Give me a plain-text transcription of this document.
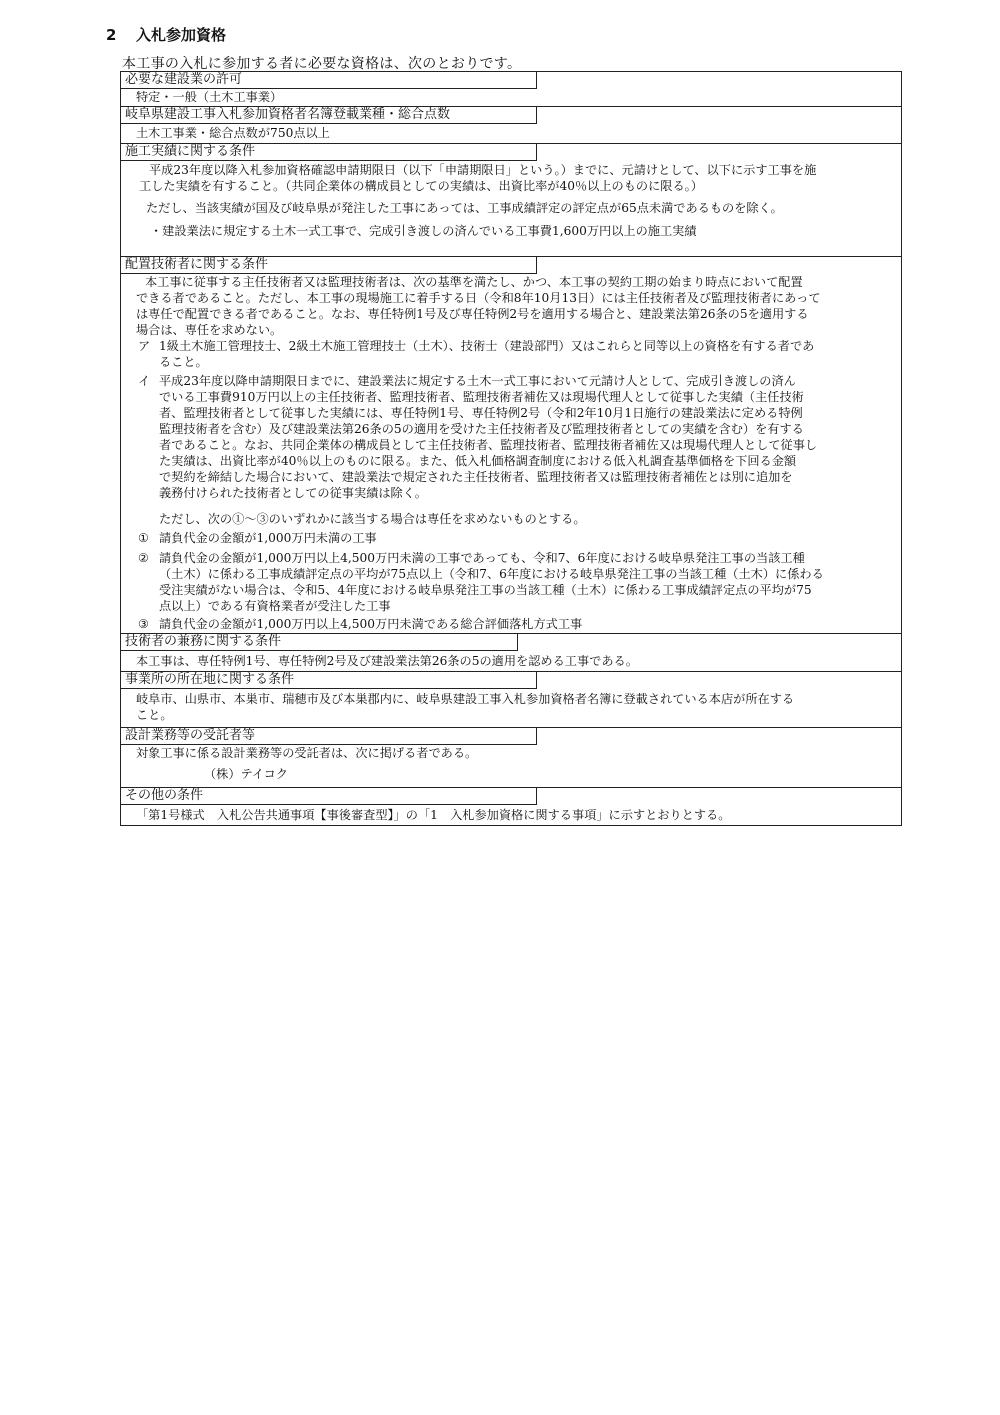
2 入札参加資格
本工事の入札に参加する者に必要な資格は、次のとおりです。
必要な建設業の許可
特定・一般（土木工事業）
岐阜県建設工事入札参加資格者名簿登載業種・総合点数
土木工事業・総合点数が750点以上
施工実績に関する条件

平成23年度以降入札参加資格確認申請期限日（以下「申請期限日」という。）までに、元請けとして、以下に示す工事を施

工した実績を有すること。（共同企業体の構成員としての実績は、出資比率が40％以上のものに限る。）

ただし、当該実績が国及び岐阜県が発注した工事にあっては、工事成績評定の評定点が65点未満であるものを除く。

・建設業法に規定する土木一式工事で、完成引き渡しの済んでいる工事費1,600万円以上の施工実績

配置技術者に関する条件

本工事に従事する主任技術者又は監理技術者は、次の基準を満たし、かつ、本工事の契約工期の始まり時点において配置

できる者であること。ただし、本工事の現場施工に着手する日（令和8年10月13日）には主任技術者及び監理技術者にあって

は専任で配置できる者であること。なお、専任特例1号及び専任特例2号を適用する場合と、建設業法第26条の5を適用する

場合は、専任を求めない。

ア 1級土木施工管理技士、2級土木施工管理技士（土木）、技術士（建設部門）又はこれらと同等以上の資格を有する者であ

ること。

イ 平成23年度以降申請期限日までに、建設業法に規定する土木一式工事において元請け人として、完成引き渡しの済ん

でいる工事費910万円以上の主任技術者、監理技術者、監理技術者補佐又は現場代理人として従事した実績（主任技術

者、監理技術者として従事した実績には、専任特例1号、専任特例2号（令和2年10月1日施行の建設業法に定める特例

監理技術者を含む）及び建設業法第26条の5の適用を受けた主任技術者及び監理技術者としての実績を含む）を有する

者であること。なお、共同企業体の構成員として主任技術者、監理技術者、監理技術者補佐又は現場代理人として従事し

た実績は、出資比率が40％以上のものに限る。また、低入札価格調査制度における低入札調査基準価格を下回る金額

で契約を締結した場合において、建設業法で規定された主任技術者、監理技術者又は監理技術者補佐とは別に追加を

義務付けられた技術者としての従事実績は除く。

ただし、次の①～③のいずれかに該当する場合は専任を求めないものとする。

① 請負代金の金額が1,000万円未満の工事

② 請負代金の金額が1,000万円以上4,500万円未満の工事であっても、令和7、6年度における岐阜県発注工事の当該工種

（土木）に係わる工事成績評定点の平均が75点以上（令和7、6年度における岐阜県発注工事の当該工種（土木）に係わる

受注実績がない場合は、令和5、4年度における岐阜県発注工事の当該工種（土木）に係わる工事成績評定点の平均が75

点以上）である有資格業者が受注した工事

③ 請負代金の金額が1,000万円以上4,500万円未満である総合評価落札方式工事

技術者の兼務に関する条件
本工事は、専任特例1号、専任特例2号及び建設業法第26条の5の適用を認める工事である。
事業所の所在地に関する条件

岐阜市、山県市、本巣市、瑞穂市及び本巣郡内に、岐阜県建設工事入札参加資格者名簿に登載されている本店が所在する

こと。

設計業務等の受託者等

対象工事に係る設計業務等の受託者は、次に掲げる者である。

（株）テイコク

その他の条件
「第1号様式　入札公告共通事項【事後審査型】」の「1　入札参加資格に関する事項」に示すとおりとする。
